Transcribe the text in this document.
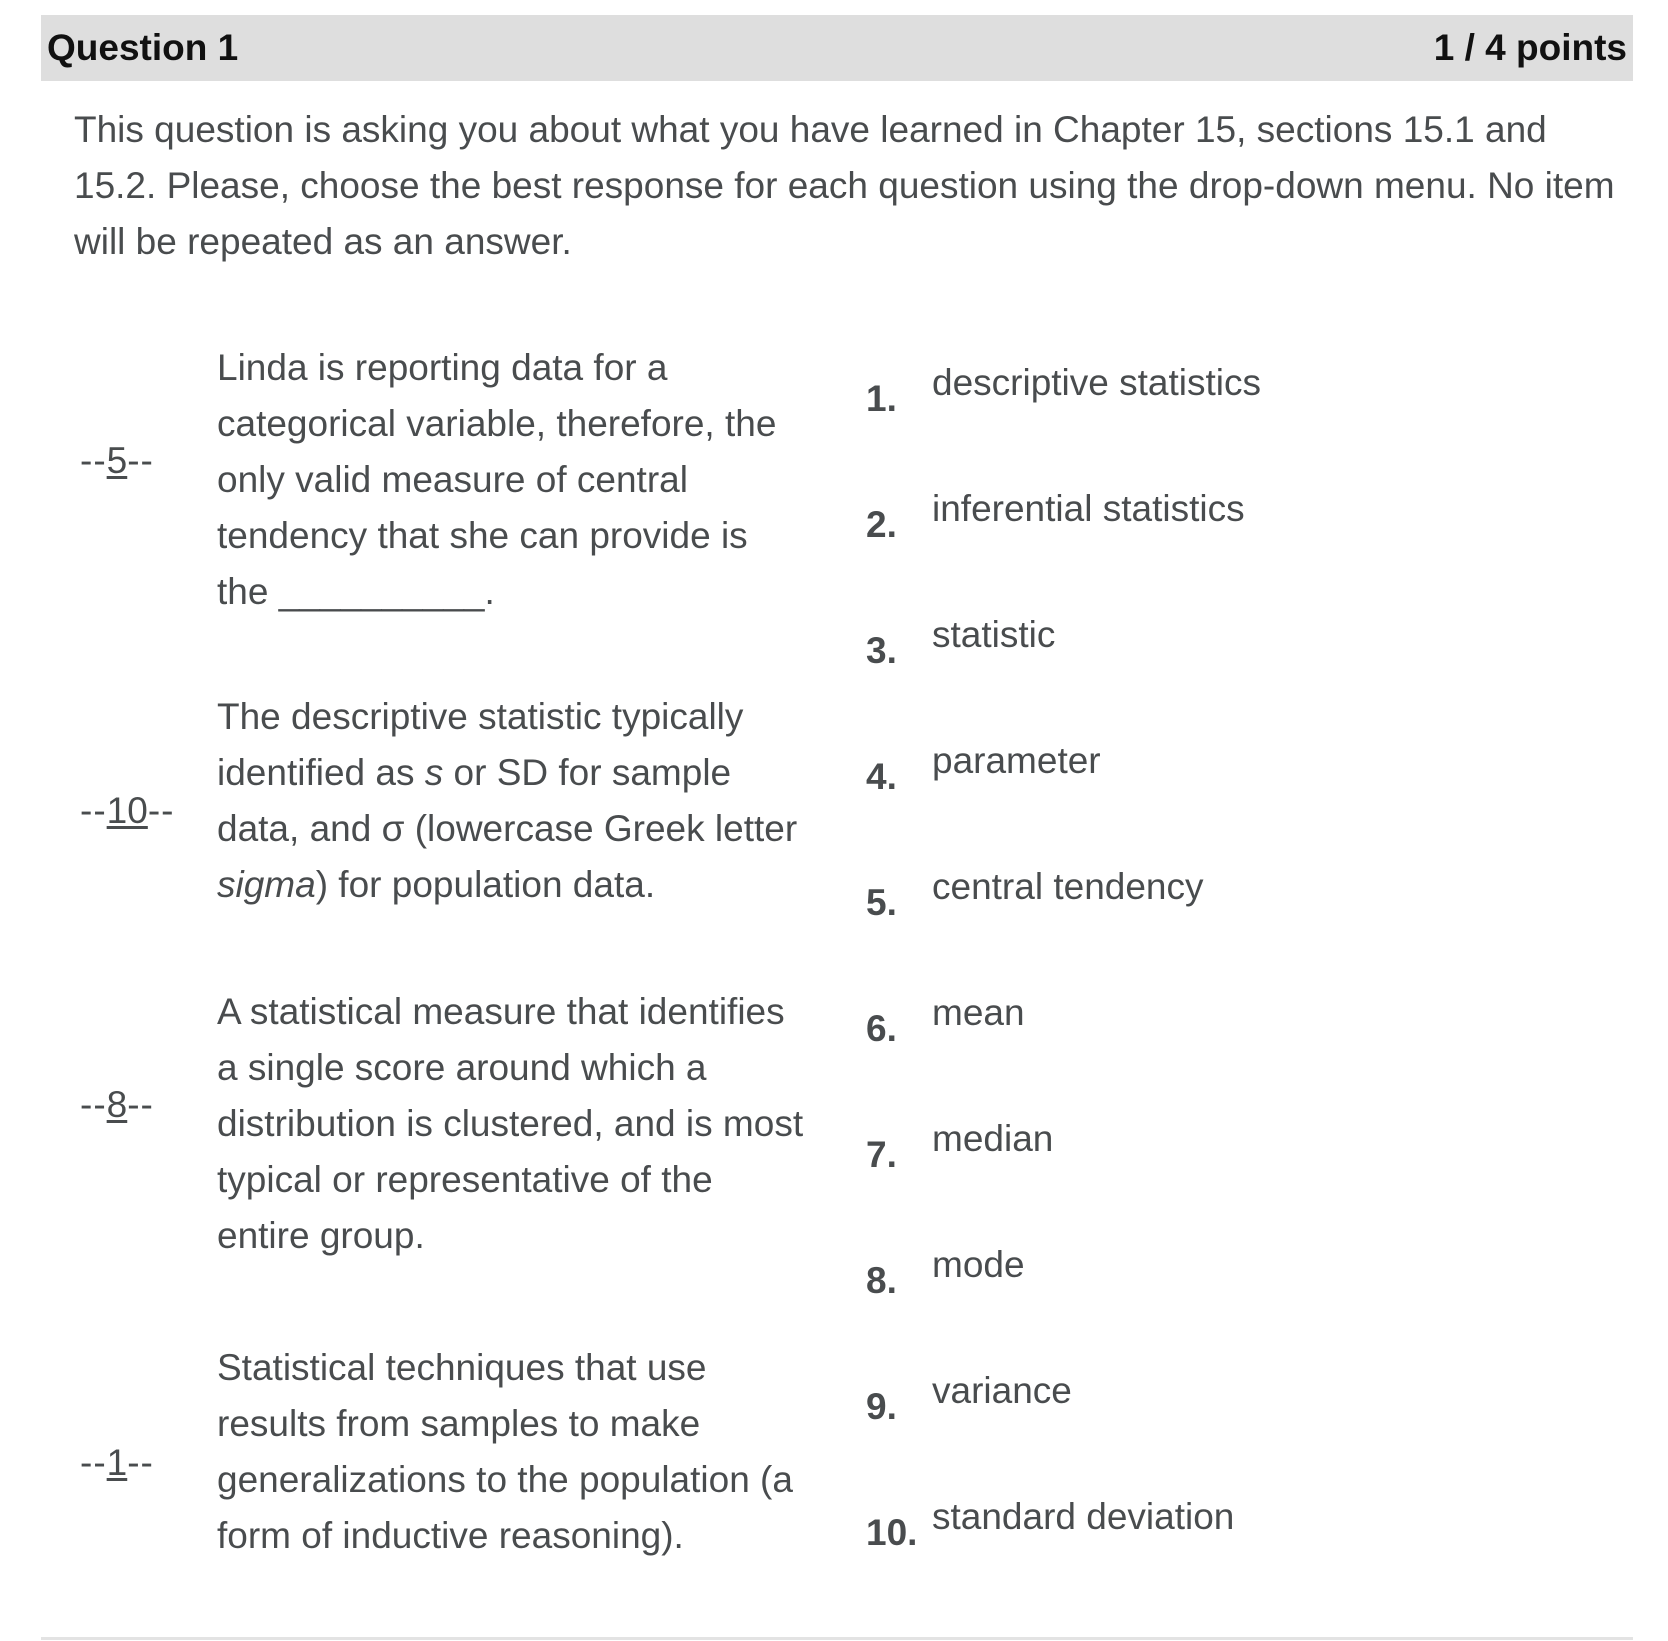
Question 1	1 / 4 points
This question is asking you about what you have learned in Chapter 15, sections 15.1 and 15.2. Please, choose the best response for each question using the drop-down menu. No item will be repeated as an answer.
--5--
Linda is reporting data for a
categorical variable, therefore, the
only valid measure of central
tendency that she can provide is
the __________.
--10--
The descriptive statistic typically
identified as s or SD for sample
data, and σ (lowercase Greek letter
sigma) for population data.
--8--
A statistical measure that identifies
a single score around which a
distribution is clustered, and is most
typical or representative of the
entire group.
--1--
Statistical techniques that use
results from samples to make
generalizations to the population (a
form of inductive reasoning).
1. descriptive statistics
2. inferential statistics
3. statistic
4. parameter
5. central tendency
6. mean
7. median
8. mode
9. variance
10. standard deviation
